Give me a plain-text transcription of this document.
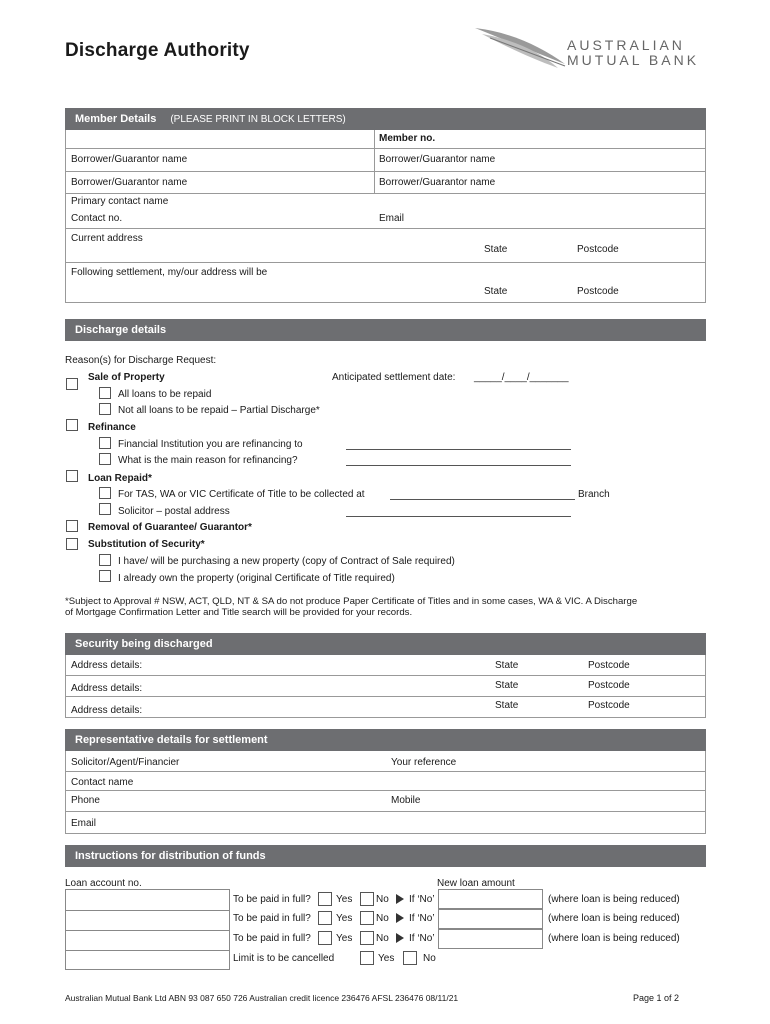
Discharge Authority	AUSTRALIAN
MUTUAL BANK
Member Details (PLEASE PRINT IN BLOCK LETTERS)
Member no.
Borrower/Guarantor name	Borrower/Guarantor name
Borrower/Guarantor name	Borrower/Guarantor name
Primary contact name
Contact no.	Email
Current address
State	Postcode
Following settlement, my/our address will be
State	Postcode
Discharge details
Reason(s) for Discharge Request:
Sale of Property	Anticipated settlement date: _____/____/_______
All loans to be repaid
Not all loans to be repaid – Partial Discharge*
Refinance
Financial Institution you are refinancing to
What is the main reason for refinancing?
Loan Repaid*
For TAS, WA or VIC Certificate of Title to be collected at	Branch
Solicitor – postal address
Removal of Guarantee/ Guarantor*
Substitution of Security*
I have/ will be purchasing a new property (copy of Contract of Sale required)
I already own the property (original Certificate of Title required)
*Subject to Approval # NSW, ACT, QLD, NT & SA do not produce Paper Certificate of Titles and in some cases, WA & VIC. A Discharge
of Mortgage Confirmation Letter and Title search will be provided for your records.
Security being discharged
Address details:	State	Postcode
Address details:	State	Postcode
Address details:	State	Postcode
Representative details for settlement
Solicitor/Agent/Financier	Your reference
Contact name
Phone	Mobile
Email
Instructions for distribution of funds
Loan account no.	New loan amount
To be paid in full?	Yes No If ‘No’	(where loan is being reduced)
To be paid in full?	Yes No If ‘No’	(where loan is being reduced)
To be paid in full?	Yes No If ‘No’	(where loan is being reduced)
Limit is to be cancelled	Yes	No
Australian Mutual Bank Ltd ABN 93 087 650 726 Australian credit licence 236476 AFSL 236476 08/11/21	Page 1 of 2
